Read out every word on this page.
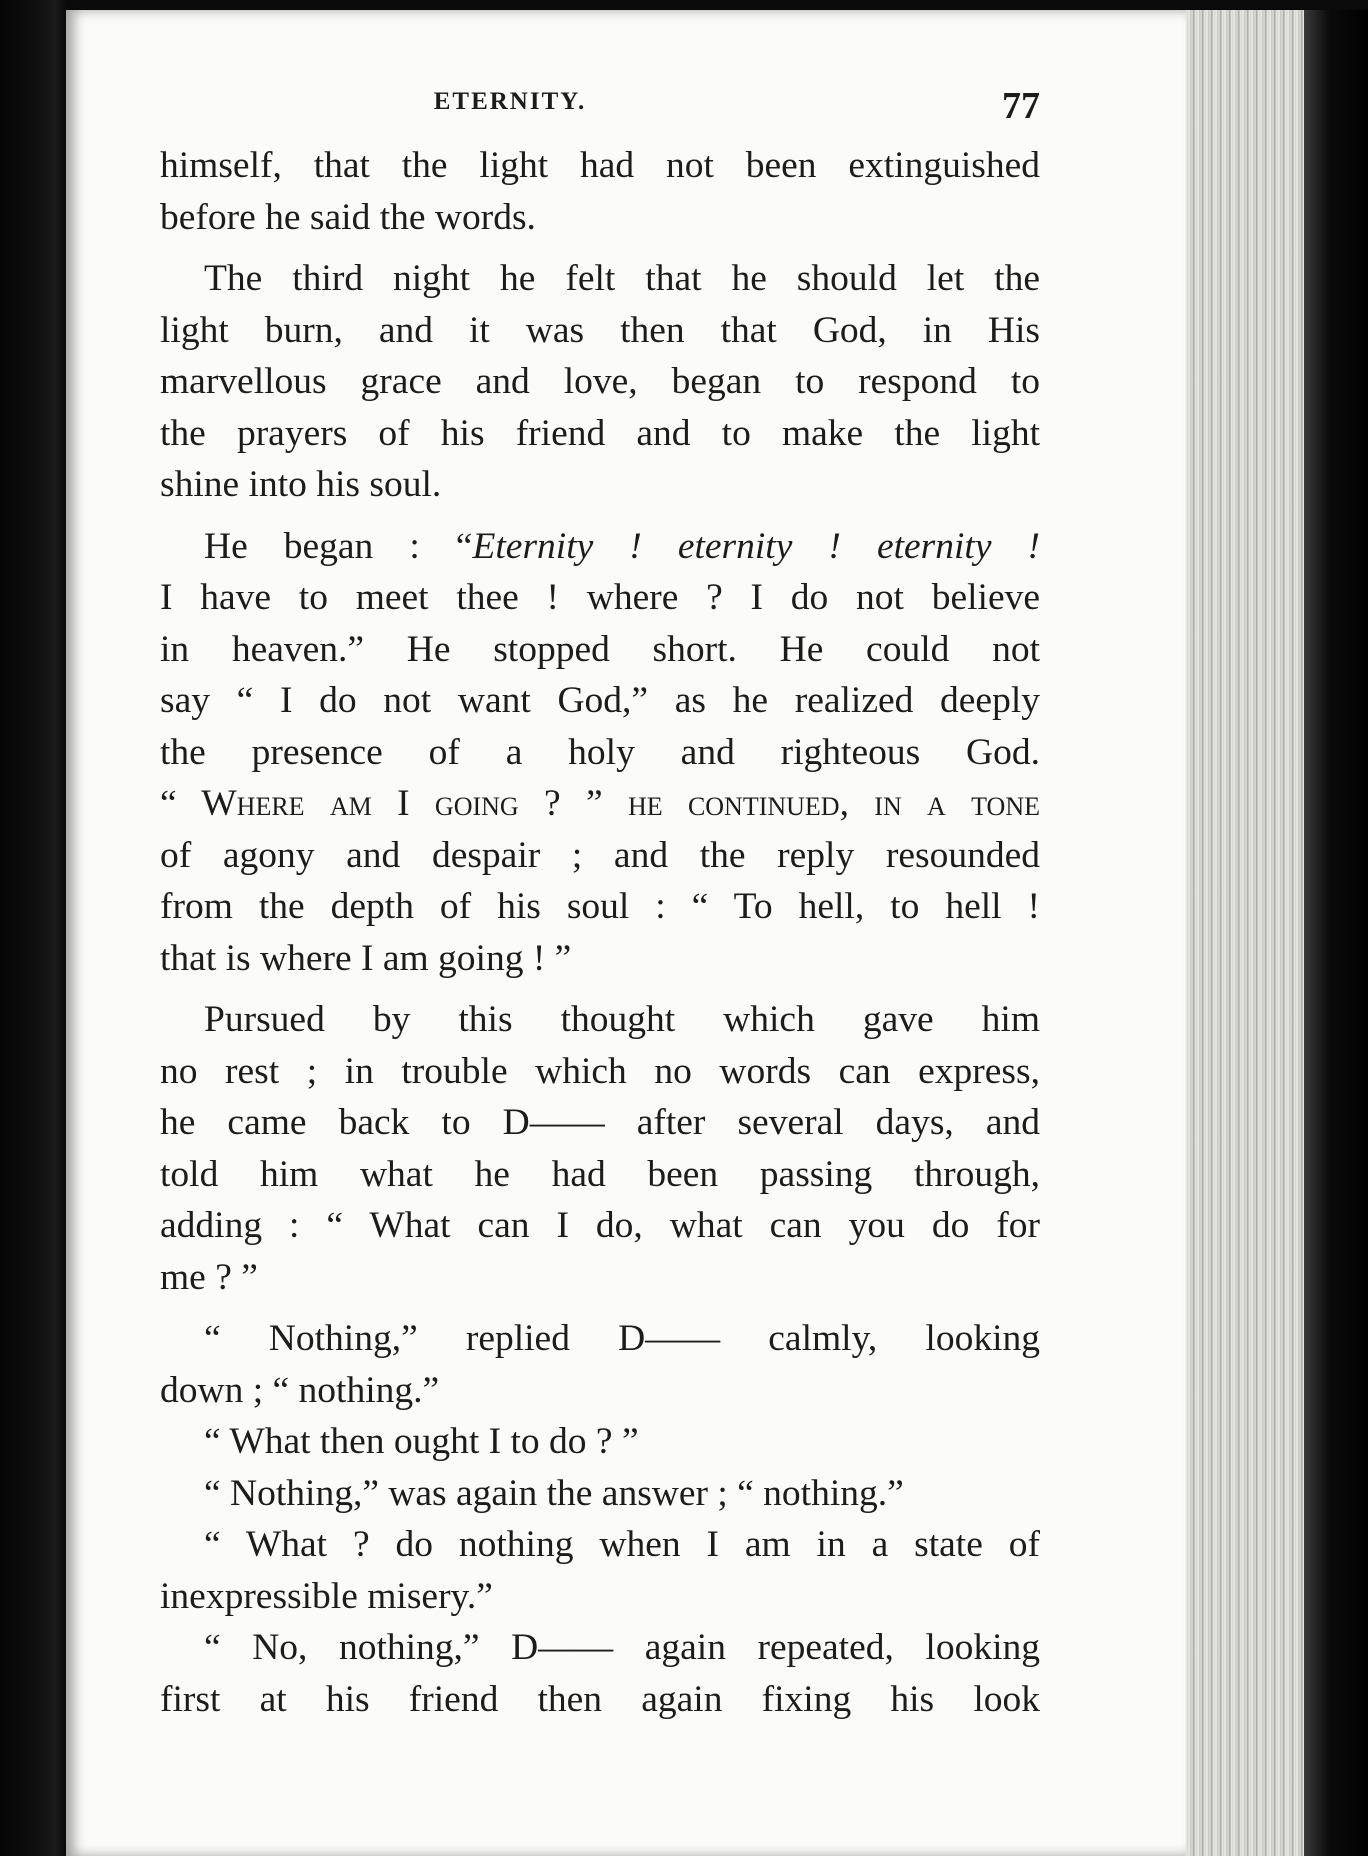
ETERNITY.	77
himself, that the light had not been extinguished
before he said the words.
The third night he felt that he should let the
light burn, and it was then that God, in His
marvellous grace and love, began to respond to
the prayers of his friend and to make the light
shine into his soul.
He began : “Eternity ! eternity ! eternity !
I have to meet thee ! where ? I do not believe
in heaven.” He stopped short. He could not
say “ I do not want God,” as he realized deeply
the presence of a holy and righteous God.
“ Where am I going ? ” he continued, in a tone
of agony and despair ; and the reply resounded
from the depth of his soul : “ To hell, to hell !
that is where I am going ! ”
Pursued by this thought which gave him
no rest ; in trouble which no words can express,
he came back to D—— after several days, and
told him what he had been passing through,
adding : “ What can I do, what can you do for
me ? ”
“ Nothing,” replied D—— calmly, looking
down ; “ nothing.”
“ What then ought I to do ? ”
“ Nothing,” was again the answer ; “ nothing.”
“ What ? do nothing when I am in a state of
inexpressible misery.”
“ No, nothing,” D—— again repeated, looking
first at his friend then again fixing his look
